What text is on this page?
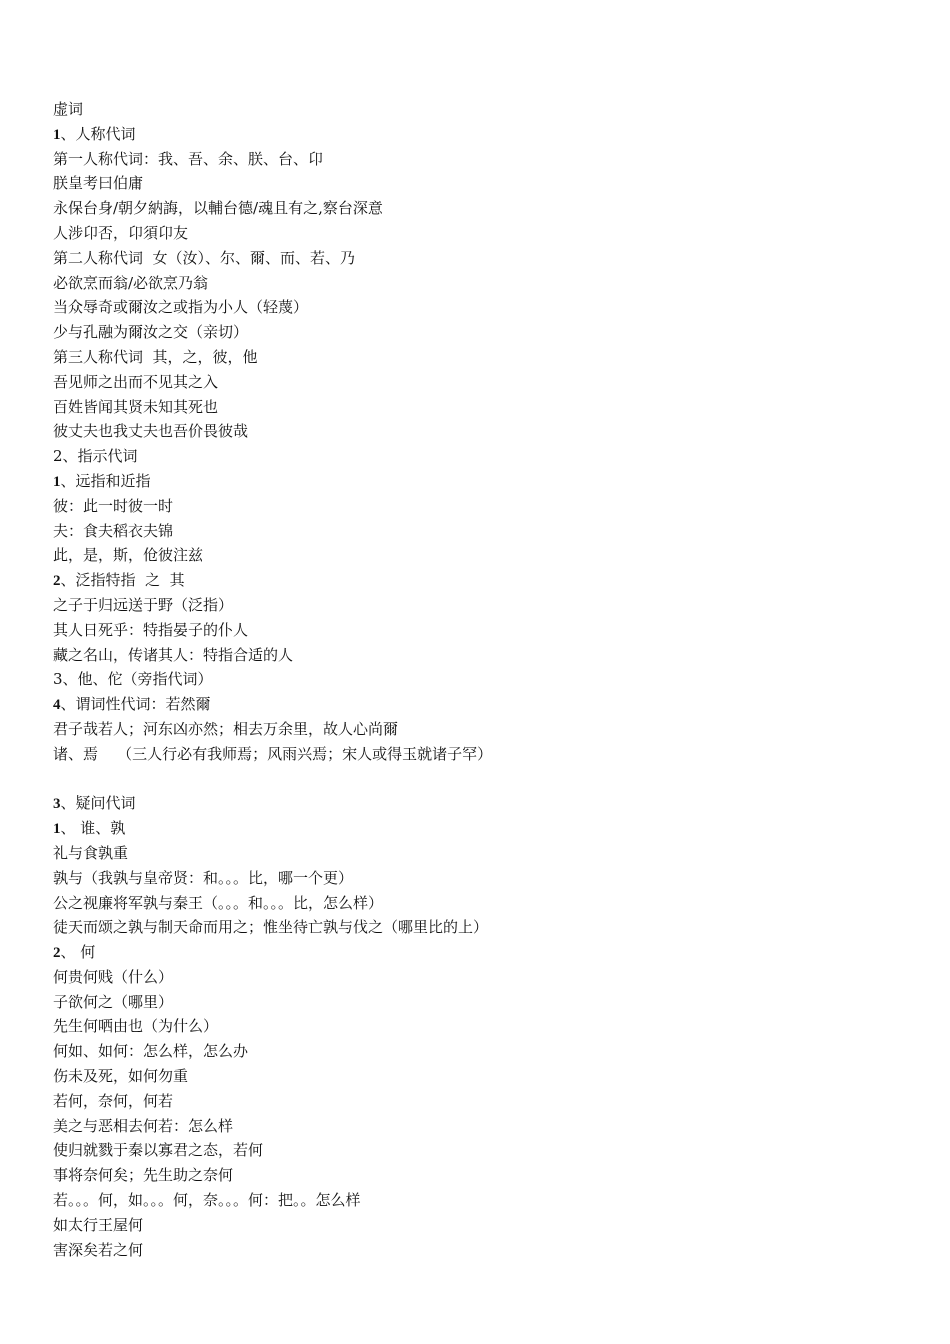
虚词
1、人称代词
第一人称代词：我、吾、余、朕、台、卬
朕皇考曰伯庸
永保台身/朝夕納誨，以輔台德/魂且有之,察台深意
人涉卬否，卬須卬友
第二人称代词  女（汝）、尔、爾、而、若、乃
必欲烹而翁/必欲烹乃翁
当众辱奇或爾汝之或指为小人（轻蔑）
少与孔融为爾汝之交（亲切）
第三人称代词  其，之，彼，他
吾见师之出而不见其之入
百姓皆闻其贤未知其死也
彼丈夫也我丈夫也吾价畏彼哉
2、指示代词
1、远指和近指
彼：此一时彼一时
夫：食夫稻衣夫锦
此，是，斯，伧彼注兹
2、泛指特指  之  其
之子于归远送于野（泛指）
其人日死乎：特指晏子的仆人
藏之名山，传诸其人：特指合适的人
3、他、佗（旁指代词）
4、谓词性代词：若然爾
君子哉若人；河东凶亦然；相去万余里，故人心尚爾
诸、焉    （三人行必有我师焉；风雨兴焉；宋人或得玉就诸子罕）
3、疑问代词
1、 谁、孰
礼与食孰重
孰与（我孰与皇帝贤：和。。。比，哪一个更）
公之视廉将军孰与秦王（。。。和。。。比，怎么样）
徒天而颂之孰与制天命而用之；惟坐待亡孰与伐之（哪里比的上）
2、 何
何贵何贱（什么）
子欲何之（哪里）
先生何哂由也（为什么）
何如、如何：怎么样，怎么办
伤未及死，如何勿重
若何，奈何，何若
美之与恶相去何若：怎么样
使归就戮于秦以寡君之态，若何
事将奈何矣；先生助之奈何
若。。。何，如。。。何，奈。。。何：把。。怎么样
如太行王屋何
害深矣若之何
